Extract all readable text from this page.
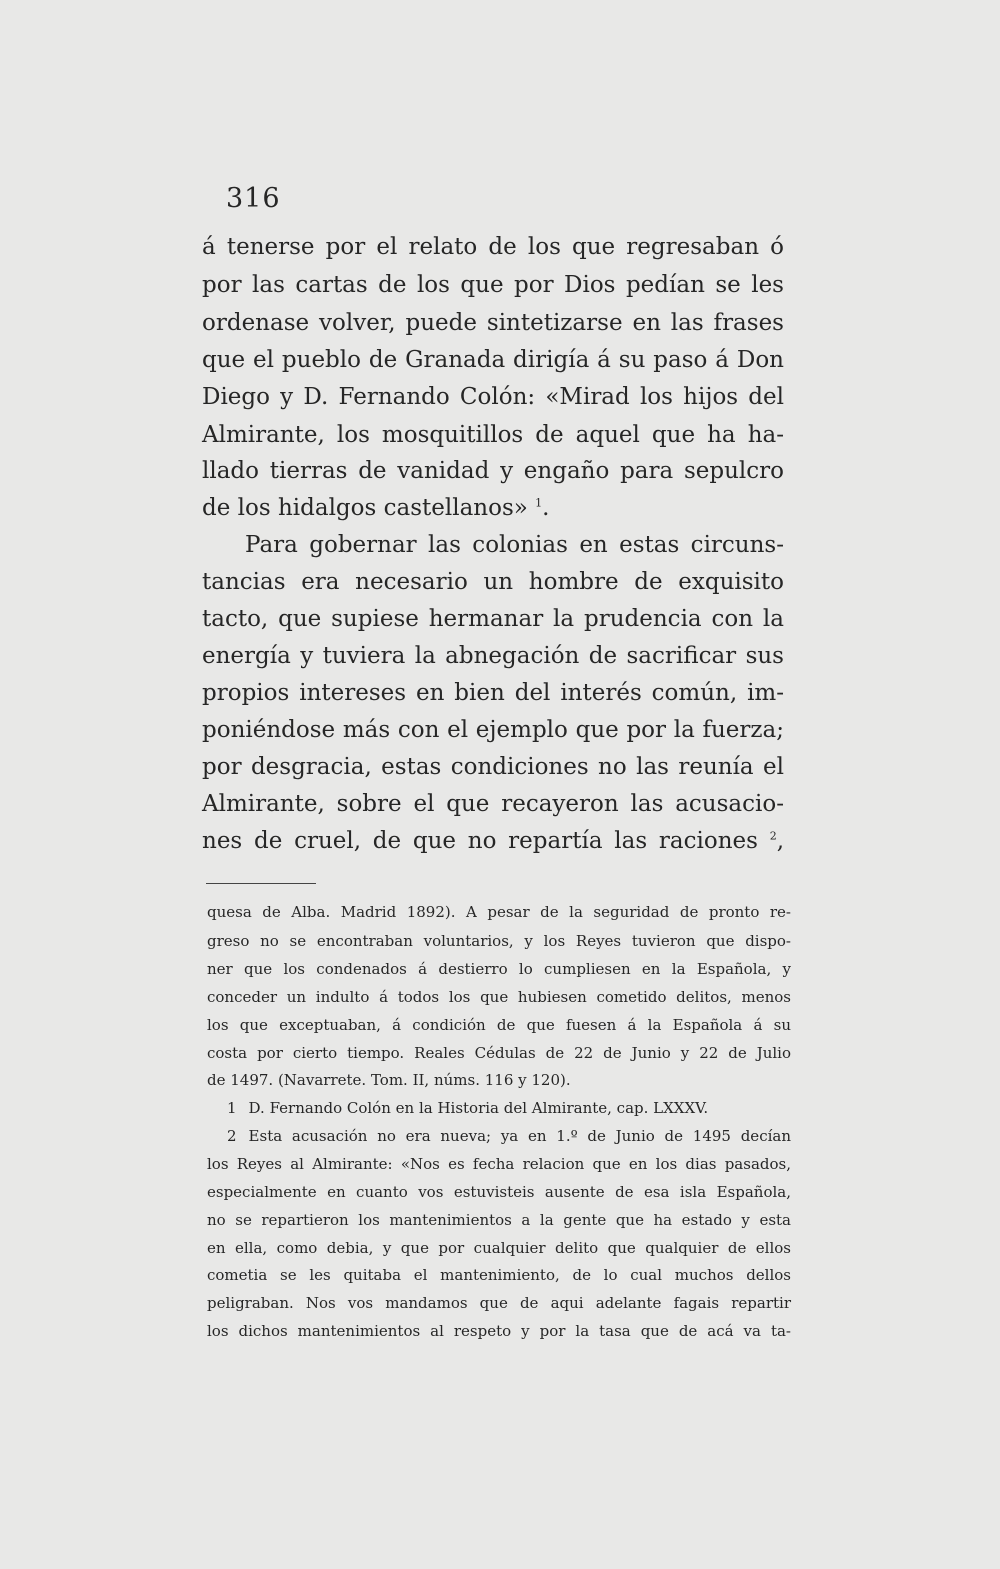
316
á tenerse por el relato de los que regresaban ó
por las cartas de los que por Dios pedían se les
ordenase volver, puede sintetizarse en las frases
que el pueblo de Granada dirigía á su paso á Don
Diego y D. Fernando Colón: «Mirad los hijos del
Almirante, los mosquitillos de aquel que ha ha-
llado tierras de vanidad y engaño para sepulcro
de los hidalgos castellanos» $^1$.
Para gobernar las colonias en estas circuns-
tancias era necesario un hombre de exquisito
tacto, que supiese hermanar la prudencia con la
energía y tuviera la abnegación de sacrificar sus
propios intereses en bien del interés común, im-
poniéndose más con el ejemplo que por la fuerza;
por desgracia, estas condiciones no las reunía el
Almirante, sobre el que recayeron las acusacio-
nes de cruel, de que no repartía las raciones $^2$,
quesa de Alba. Madrid 1892). A pesar de la seguridad de pronto re-
greso no se encontraban voluntarios, y los Reyes tuvieron que dispo-
ner que los condenados á destierro lo cumpliesen en la Española, y
conceder un indulto á todos los que hubiesen cometido delitos, menos
los que exceptuaban, á condición de que fuesen á la Española á su
costa por cierto tiempo. Reales Cédulas de 22 de Junio y 22 de Julio
de 1497. (Navarrete. Tom. II, núms. 116 y 120).
1 D. Fernando Colón en la Historia del Almirante, cap. LXXXV.
2 Esta acusación no era nueva; ya en 1.º de Junio de 1495 decían
los Reyes al Almirante: «Nos es fecha relacion que en los dias pasados,
especialmente en cuanto vos estuvisteis ausente de esa isla Española,
no se repartieron los mantenimientos a la gente que ha estado y esta
en ella, como debia, y que por cualquier delito que qualquier de ellos
cometia se les quitaba el mantenimiento, de lo cual muchos dellos
peligraban. Nos vos mandamos que de aqui adelante fagais repartir
los dichos mantenimientos al respeto y por la tasa que de acá va ta-
